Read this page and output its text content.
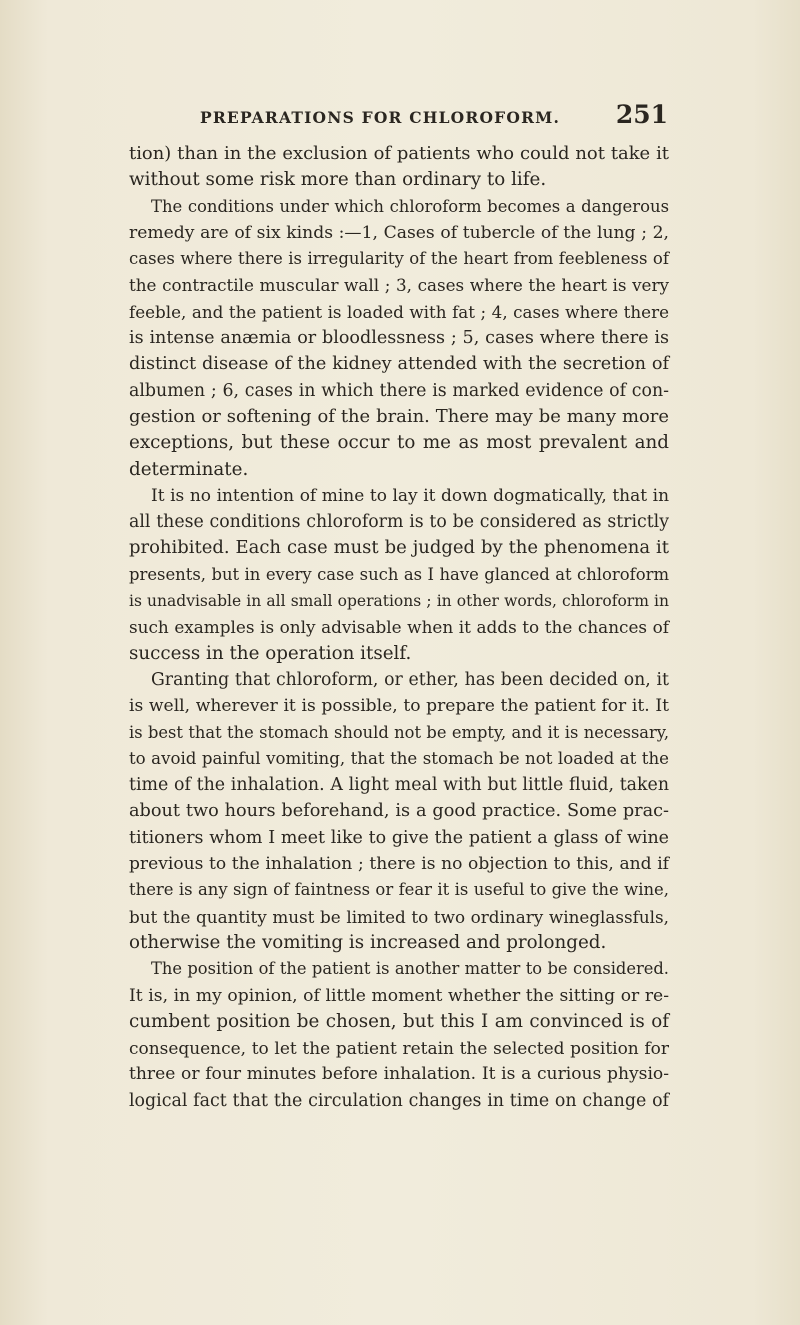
PREPARATIONS FOR CHLOROFORM. 251
tion) than in the exclusion of patients who could not take it
without some risk more than ordinary to life.
The conditions under which chloroform becomes a dangerous
remedy are of six kinds :—1, Cases of tubercle of the lung ; 2,
cases where there is irregularity of the heart from feebleness of
the contractile muscular wall ; 3, cases where the heart is very
feeble, and the patient is loaded with fat ; 4, cases where there
is intense anæmia or bloodlessness ; 5, cases where there is
distinct disease of the kidney attended with the secretion of
albumen ; 6, cases in which there is marked evidence of con-
gestion or softening of the brain. There may be many more
exceptions, but these occur to me as most prevalent and
determinate.
It is no intention of mine to lay it down dogmatically, that in
all these conditions chloroform is to be considered as strictly
prohibited. Each case must be judged by the phenomena it
presents, but in every case such as I have glanced at chloroform
is unadvisable in all small operations ; in other words, chloroform in
such examples is only advisable when it adds to the chances of
success in the operation itself.
Granting that chloroform, or ether, has been decided on, it
is well, wherever it is possible, to prepare the patient for it. It
is best that the stomach should not be empty, and it is necessary,
to avoid painful vomiting, that the stomach be not loaded at the
time of the inhalation. A light meal with but little fluid, taken
about two hours beforehand, is a good practice. Some prac-
titioners whom I meet like to give the patient a glass of wine
previous to the inhalation ; there is no objection to this, and if
there is any sign of faintness or fear it is useful to give the wine,
but the quantity must be limited to two ordinary wineglassfuls,
otherwise the vomiting is increased and prolonged.
The position of the patient is another matter to be considered.
It is, in my opinion, of little moment whether the sitting or re-
cumbent position be chosen, but this I am convinced is of
consequence, to let the patient retain the selected position for
three or four minutes before inhalation. It is a curious physio-
logical fact that the circulation changes in time on change of
